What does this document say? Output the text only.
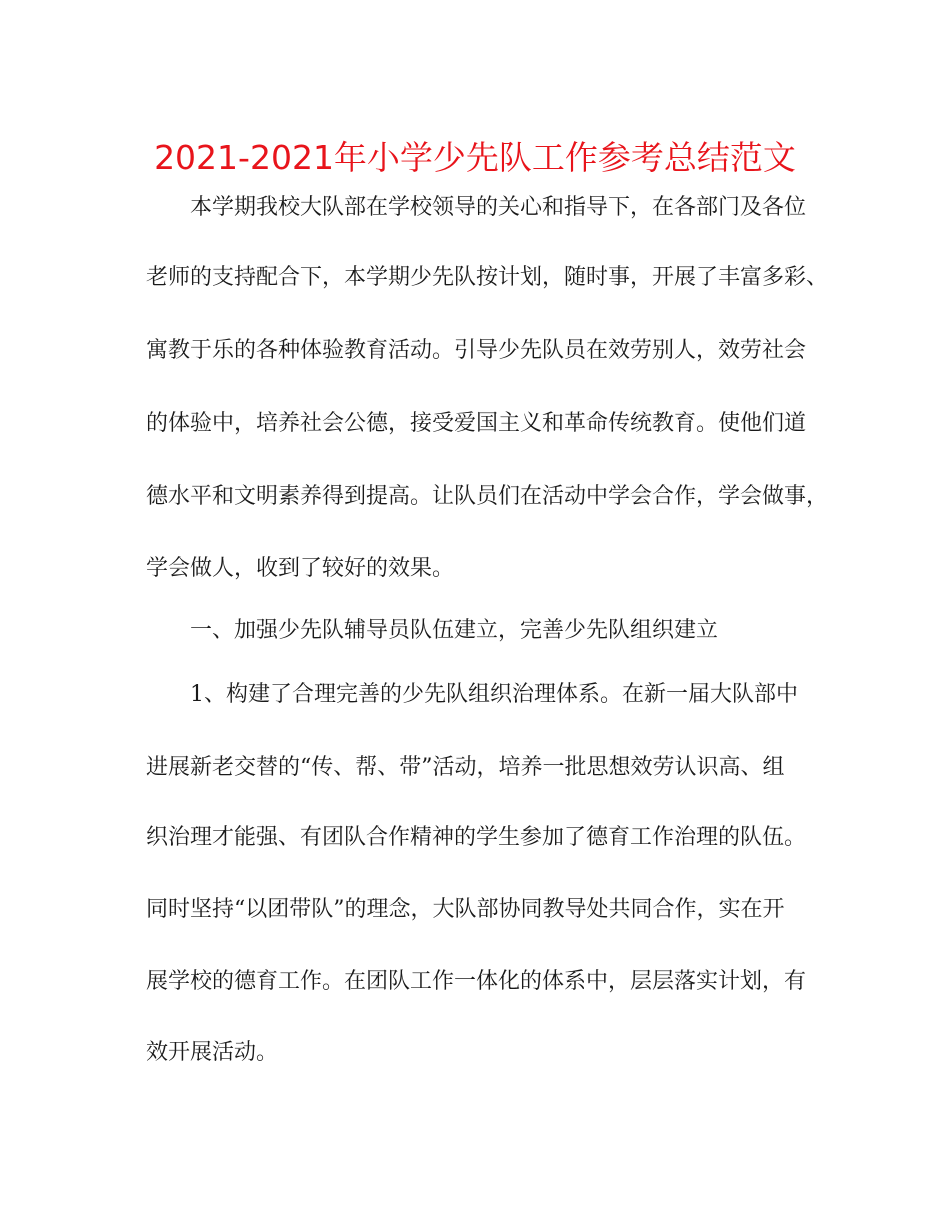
2021-2021年小学少先队工作参考总结范文
本学期我校大队部在学校领导的关心和指导下，在各部门及各位
老师的支持配合下，本学期少先队按计划，随时事，开展了丰富多彩、
寓教于乐的各种体验教育活动。引导少先队员在效劳别人，效劳社会
的体验中，培养社会公德，接受爱国主义和革命传统教育。使他们道
德水平和文明素养得到提高。让队员们在活动中学会合作，学会做事，
学会做人，收到了较好的效果。
一、加强少先队辅导员队伍建立，完善少先队组织建立
1、构建了合理完善的少先队组织治理体系。在新一届大队部中
进展新老交替的“传、帮、带”活动，培养一批思想效劳认识高、组
织治理才能强、有团队合作精神的学生参加了德育工作治理的队伍。
同时坚持“以团带队”的理念，大队部协同教导处共同合作，实在开
展学校的德育工作。在团队工作一体化的体系中，层层落实计划，有
效开展活动。
